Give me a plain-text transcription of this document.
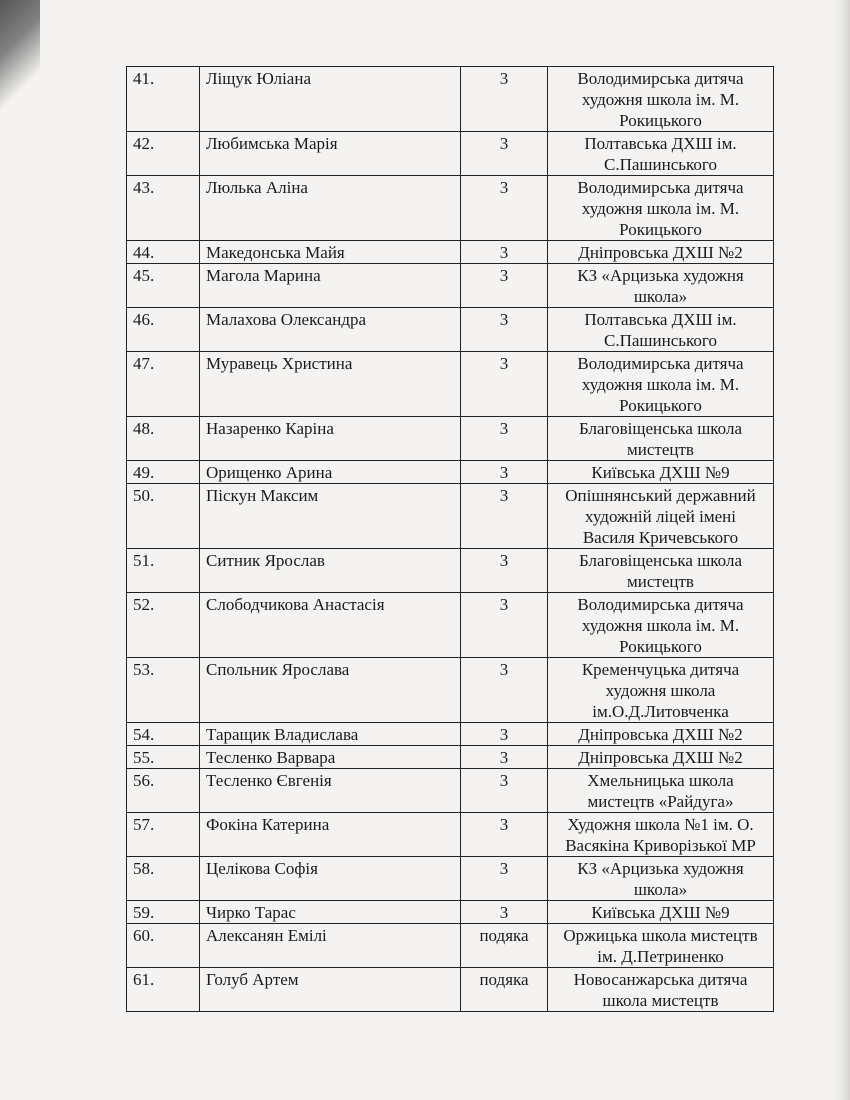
41.	Ліщук Юліана	3	Володимирська дитяча художня школа ім. М. Рокицького
42.	Любимська Марія	3	Полтавська ДХШ ім. С.Пашинського
43.	Люлька Аліна	3	Володимирська дитяча художня школа ім. М. Рокицького
44.	Македонська Майя	3	Дніпровська ДХШ №2
45.	Магола Марина	3	КЗ «Арцизька художня школа»
46.	Малахова Олександра	3	Полтавська ДХШ ім. С.Пашинського
47.	Муравець Христина	3	Володимирська дитяча художня школа ім. М. Рокицького
48.	Назаренко Каріна	3	Благовіщенська школа мистецтв
49.	Орищенко Арина	3	Київська ДХШ №9
50.	Піскун Максим	3	Опішнянський державний художній ліцей імені Василя Кричевського
51.	Ситник Ярослав	3	Благовіщенська школа мистецтв
52.	Слободчикова Анастасія	3	Володимирська дитяча художня школа ім. М. Рокицького
53.	Спольник Ярослава	3	Кременчуцька дитяча художня школа ім.О.Д.Литовченка
54.	Таращик Владислава	3	Дніпровська ДХШ №2
55.	Тесленко Варвара	3	Дніпровська ДХШ №2
56.	Тесленко Євгенія	3	Хмельницька школа мистецтв «Райдуга»
57.	Фокіна Катерина	3	Художня школа №1 ім. О. Васякіна Криворізької МР
58.	Целікова Софія	3	КЗ «Арцизька художня школа»
59.	Чирко Тарас	3	Київська ДХШ №9
60.	Алексанян Емілі	подяка	Оржицька школа мистецтв ім. Д.Петриненко
61.	Голуб Артем	подяка	Новосанжарська дитяча школа мистецтв
